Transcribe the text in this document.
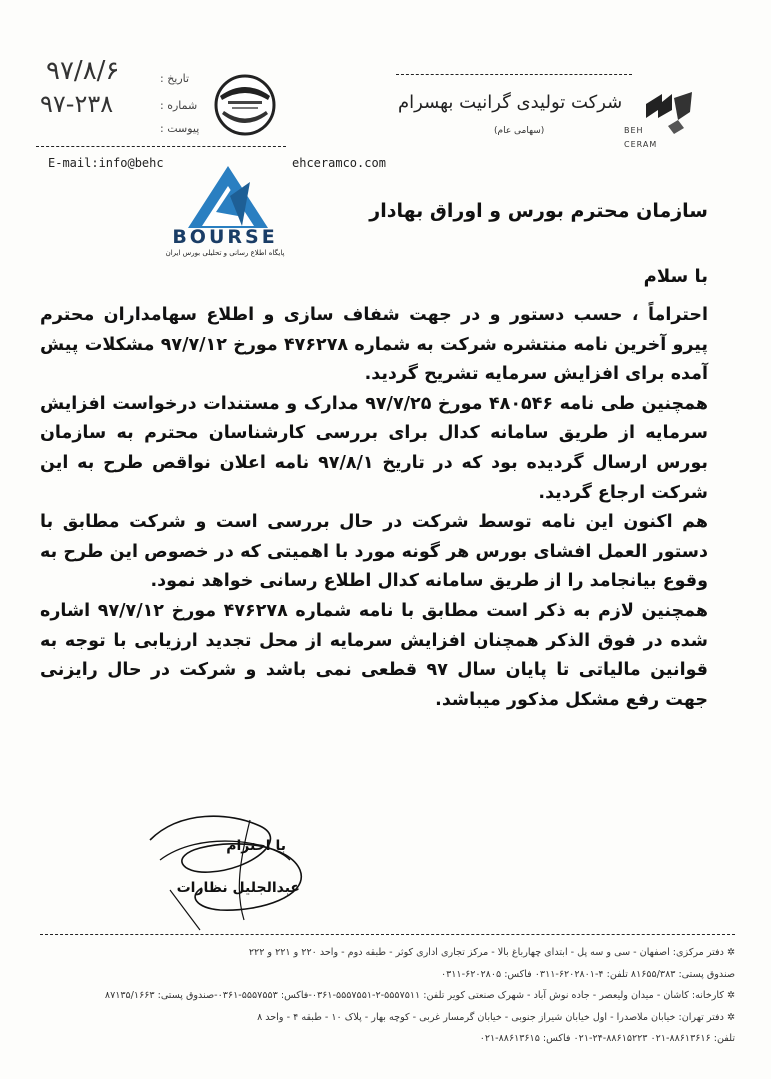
۹۷/۸/۶	تاریخ :
۹۷-۲۳۸	شماره :
پیوست :
شرکت تولیدی گرانیت بهسرام
(سهامی عام)	BEH
CERAM
E-mail:info@behc	ehceramco.com
BOURSE
پایگاه اطلاع رسانی و تحلیلی بورس ایران
سازمان محترم بورس و اوراق بهادار
با سلام

احتراماً ، حسب دستور و در جهت شفاف سازی و اطلاع سهامداران محترم پیرو آخرین نامه منتشره شرکت به شماره ۴۷۶۲۷۸ مورخ ۹۷/۷/۱۲ مشکلات پیش آمده برای افزایش سرمایه تشریح گردید.

همچنین طی نامه ۴۸۰۵۴۶ مورخ ۹۷/۷/۲۵ مدارک و مستندات درخواست افزایش سرمایه از طریق سامانه کدال برای بررسی کارشناسان محترم به سازمان بورس ارسال گردیده بود که در تاریخ ۹۷/۸/۱ نامه اعلان نواقص طرح به این شرکت ارجاع گردید.

هم اکنون این نامه توسط شرکت در حال بررسی است و شرکت مطابق با دستور العمل افشای بورس هر گونه مورد با اهمیتی که در خصوص این طرح به وقوع بیانجامد را از طریق سامانه کدال اطلاع رسانی خواهد نمود.

همچنین لازم به ذکر است مطابق با نامه شماره ۴۷۶۲۷۸ مورخ ۹۷/۷/۱۲ اشاره شده در فوق الذکر همچنان افزایش سرمایه از محل تجدید ارزیابی با توجه به قوانین مالیاتی تا پایان سال ۹۷ قطعی نمی باشد و شرکت در حال رایزنی جهت رفع مشکل مذکور میباشد.

با احترام
عبدالجلیل نظارات

✲ دفتر مرکزی: اصفهان - سی و سه پل - ابتدای چهارباغ بالا - مرکز تجاری اداری کوثر - طبقه دوم - واحد ۲۲۰ و ۲۲۱ و ۲۲۲

صندوق پستی: ۸۱۶۵۵/۳۸۳ تلفن: ۴-۶۲۰۲۸۰۱-۰۳۱۱ فاکس: ۶۲۰۲۸۰۵-۰۳۱۱

✲ کارخانه: کاشان - میدان ولیعصر - جاده نوش آباد - شهرک صنعتی کویر تلفن: ۵۵۵۷۵۱۱-۲-۵۵۵۷۵۵۱-۰۳۶۱-فاکس: ۵۵۵۷۵۵۳-۰۳۶۱-صندوق پستی: ۸۷۱۳۵/۱۶۶۳

✲ دفتر تهران: خیابان ملاصدرا - اول خیابان شیراز جنوبی - خیابان گرمسار غربی - کوچه بهار - پلاک ۱۰ - طبقه ۴ - واحد ۸

تلفن: ۸۸۶۱۳۶۱۶-۰۲۱ ۸۸۶۱۵۲۲۳-۲۴-۰۲۱ فاکس: ۸۸۶۱۳۶۱۵-۰۲۱
